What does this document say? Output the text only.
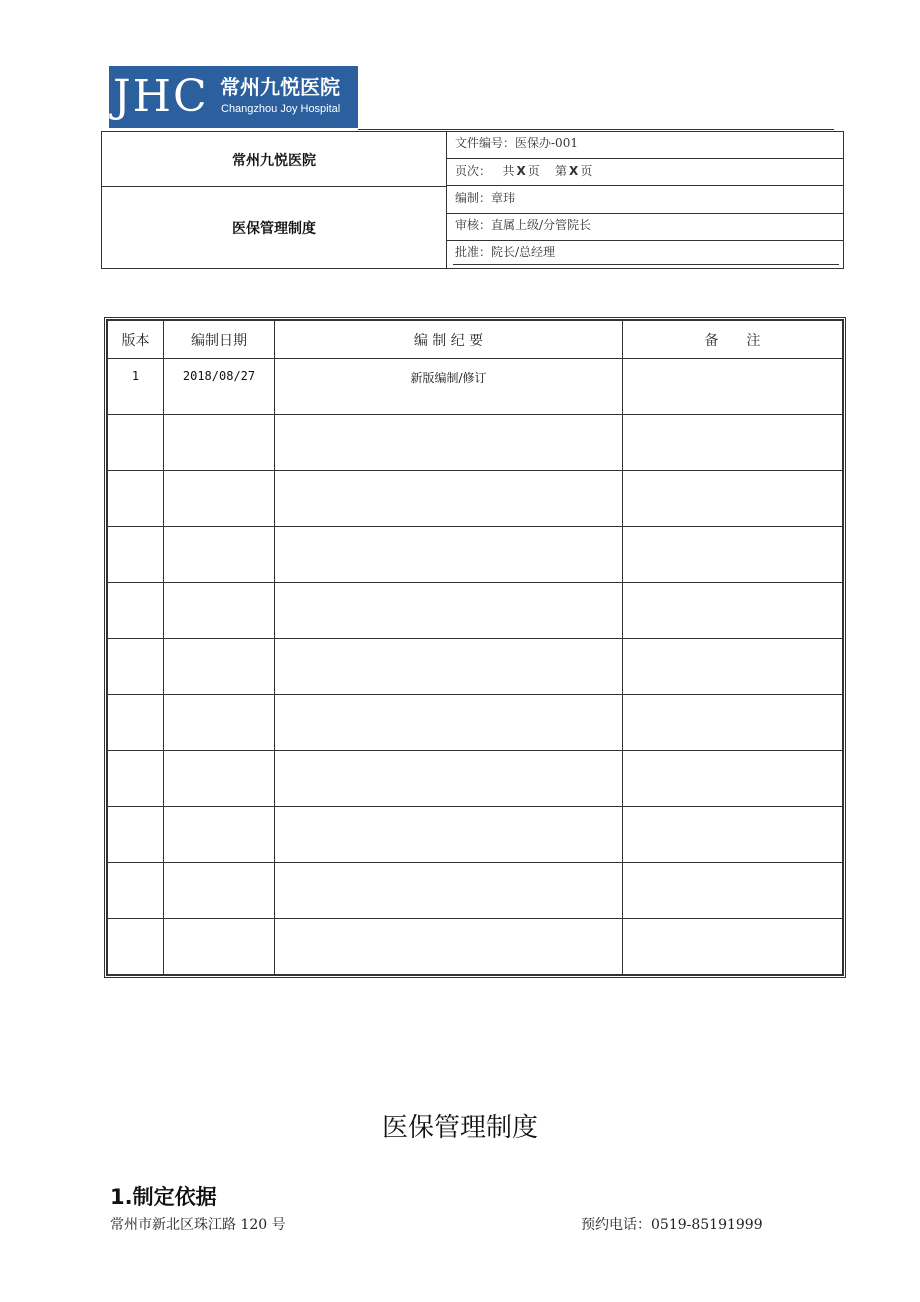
JHC 常州九悦医院
Changzhou Joy Hospital
常州九悦医院
医保管理制度
文件编号：医保办-001
页次： 共 X 页 第 X 页
编制：章玮
审核：直属上级/分管院长
批准：院长/总经理
版本	编制日期	编 制 纪 要	备　　注
1	2018/08/27	新版编制/修订	

医保管理制度
1.制定依据
常州市新北区珠江路 120 号	预约电话：0519-85191999
